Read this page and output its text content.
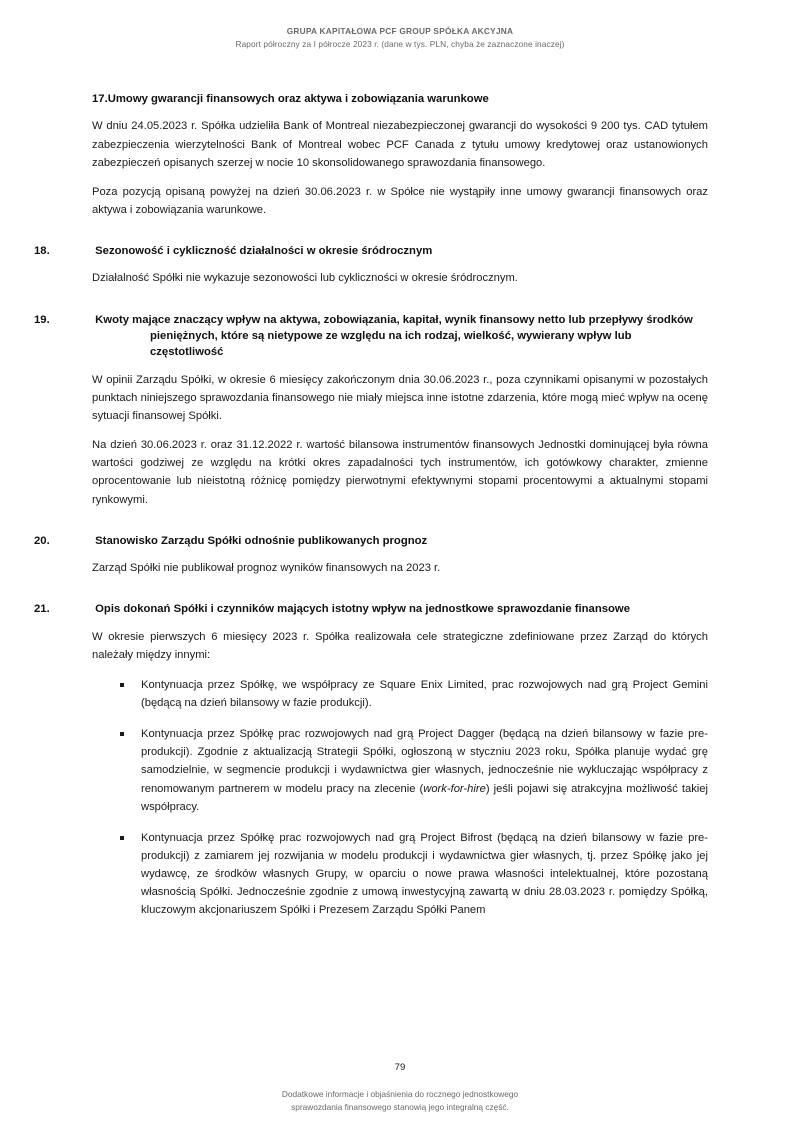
GRUPA KAPITAŁOWA PCF GROUP SPÓŁKA AKCYJNA
Raport półroczny za I półrocze 2023 r. (dane w tys. PLN, chyba że zaznaczone inaczej)
17.Umowy gwarancji finansowych oraz aktywa i zobowiązania warunkowe

W dniu 24.05.2023 r. Spółka udzieliła Bank of Montreal niezabezpieczonej gwarancji do wysokości 9 200 tys. CAD tytułem zabezpieczenia wierzytelności Bank of Montreal wobec PCF Canada z tytułu umowy kredytowej oraz ustanowionych zabezpieczeń opisanych szerzej w nocie 10 skonsolidowanego sprawozdania finansowego.

Poza pozycją opisaną powyżej na dzień 30.06.2023 r. w Spółce nie wystąpiły inne umowy gwarancji finansowych oraz aktywa i zobowiązania warunkowe.

18.	Sezonowość i cykliczność działalności w okresie śródrocznym

Działalność Spółki nie wykazuje sezonowości lub cykliczności w okresie śródrocznym.

19.	Kwoty mające znaczący wpływ na aktywa, zobowiązania, kapitał, wynik finansowy netto lub przepływy środków pieniężnych, które są nietypowe ze względu na ich rodzaj, wielkość, wywierany wpływ lub częstotliwość

W opinii Zarządu Spółki, w okresie 6 miesięcy zakończonym dnia 30.06.2023 r., poza czynnikami opisanymi w pozostałych punktach niniejszego sprawozdania finansowego nie miały miejsca inne istotne zdarzenia, które mogą mieć wpływ na ocenę sytuacji finansowej Spółki.

Na dzień 30.06.2023 r. oraz 31.12.2022 r. wartość bilansowa instrumentów finansowych Jednostki dominującej była równa wartości godziwej ze względu na krótki okres zapadalności tych instrumentów, ich gotówkowy charakter, zmienne oprocentowanie lub nieistotną różnicę pomiędzy pierwotnymi efektywnymi stopami procentowymi a aktualnymi stopami rynkowymi.

20.	Stanowisko Zarządu Spółki odnośnie publikowanych prognoz

Zarząd Spółki nie publikował prognoz wyników finansowych na 2023 r.

21.	Opis dokonań Spółki i czynników mających istotny wpływ na jednostkowe sprawozdanie finansowe

W okresie pierwszych 6 miesięcy 2023 r. Spółka realizowała cele strategiczne zdefiniowane przez Zarząd do których należały między innymi:

Kontynuacja przez Spółkę, we współpracy ze Square Enix Limited, prac rozwojowych nad grą Project Gemini (będącą na dzień bilansowy w fazie produkcji).
Kontynuacja przez Spółkę prac rozwojowych nad grą Project Dagger (będącą na dzień bilansowy w fazie pre-produkcji). Zgodnie z aktualizacją Strategii Spółki, ogłoszoną w styczniu 2023 roku, Spółka planuje wydać grę samodzielnie, w segmencie produkcji i wydawnictwa gier własnych, jednocześnie nie wykluczając współpracy z renomowanym partnerem w modelu pracy na zlecenie (work-for-hire) jeśli pojawi się atrakcyjna możliwość takiej współpracy.
Kontynuacja przez Spółkę prac rozwojowych nad grą Project Bifrost (będącą na dzień bilansowy w fazie pre-produkcji) z zamiarem jej rozwijania w modelu produkcji i wydawnictwa gier własnych, tj. przez Spółkę jako jej wydawcę, ze środków własnych Grupy, w oparciu o nowe prawa własności intelektualnej, które pozostaną własnością Spółki. Jednocześnie zgodnie z umową inwestycyjną zawartą w dniu 28.03.2023 r. pomiędzy Spółką, kluczowym akcjonariuszem Spółki i Prezesem Zarządu Spółki Panem
79
Dodatkowe informacje i objaśnienia do rocznego jednostkowego
sprawozdania finansowego stanowią jego integralną część.
